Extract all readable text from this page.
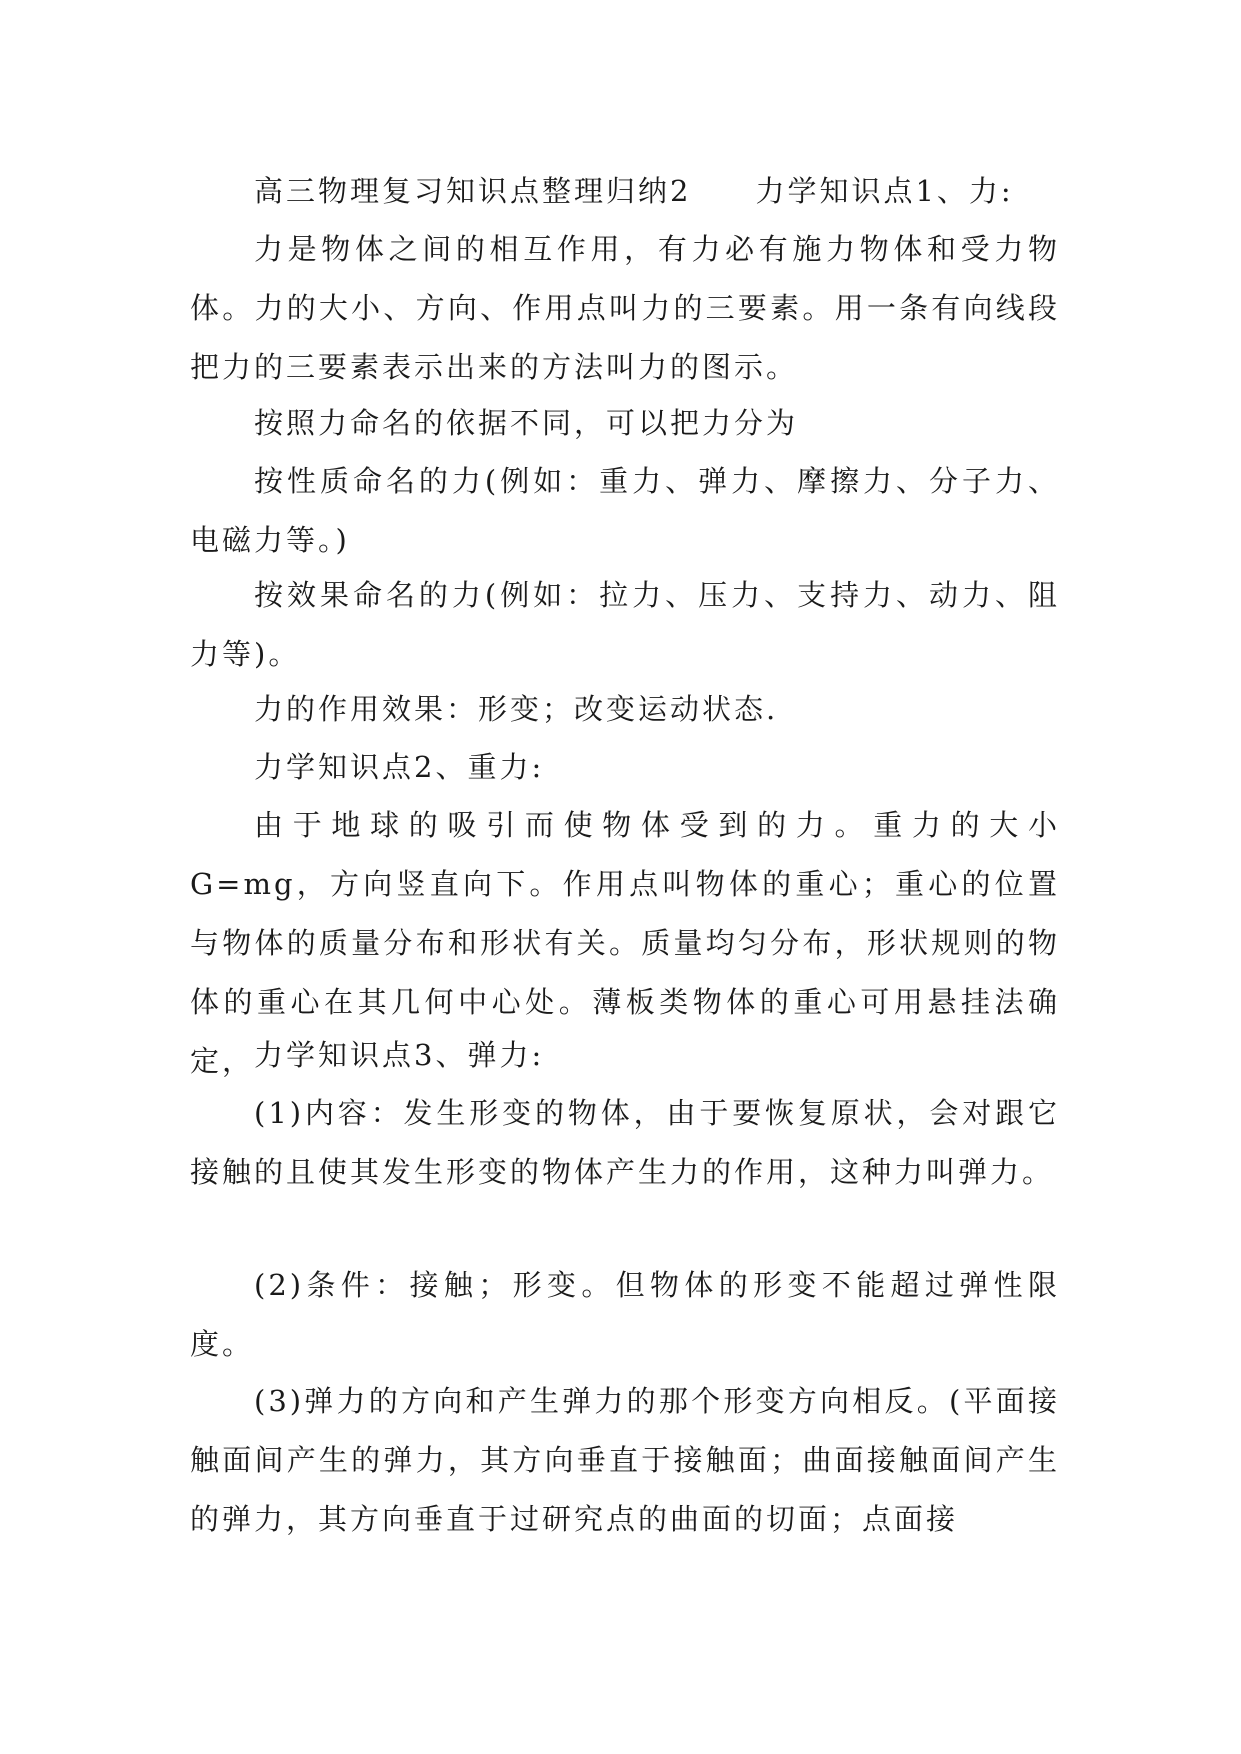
高三物理复习知识点整理归纳2　　力学知识点1、力:

力是物体之间的相互作用，有力必有施力物体和受力物体。力的大小、方向、作用点叫力的三要素。用一条有向线段把力的三要素表示出来的方法叫力的图示。

按照力命名的依据不同，可以把力分为

按性质命名的力(例如：重力、弹力、摩擦力、分子力、电磁力等。)

按效果命名的力(例如：拉力、压力、支持力、动力、阻力等)。

力的作用效果：形变；改变运动状态.

力学知识点2、重力:

由于地球的吸引而使物体受到的力。重力的大小G=mg，方向竖直向下。作用点叫物体的重心；重心的位置与物体的质量分布和形状有关。质量均匀分布，形状规则的物体的重心在其几何中心处。薄板类物体的重心可用悬挂法确定， 力学知识点3、弹力:

(1)内容：发生形变的物体，由于要恢复原状，会对跟它接触的且使其发生形变的物体产生力的作用，这种力叫弹力。

(2)条件：接触；形变。但物体的形变不能超过弹性限度。

(3)弹力的方向和产生弹力的那个形变方向相反。(平面接触面间产生的弹力，其方向垂直于接触面；曲面接触面间产生的弹力，其方向垂直于过研究点的曲面的切面；点面接
